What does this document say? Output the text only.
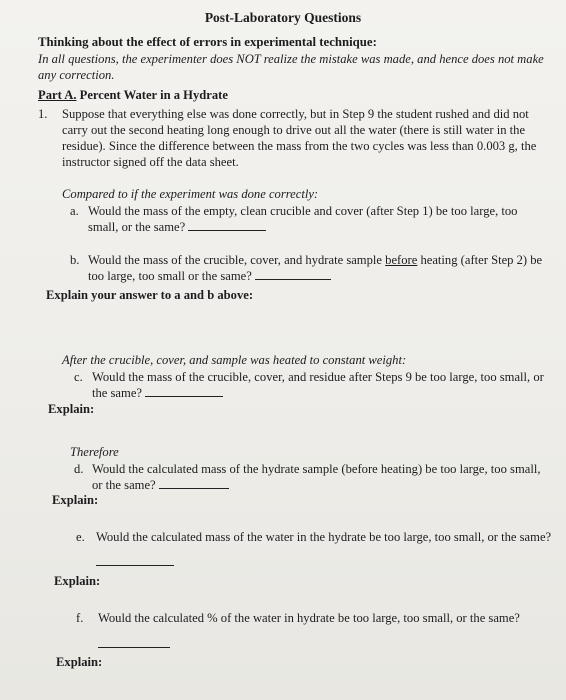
Post-Laboratory Questions
Thinking about the effect of errors in experimental technique:
In all questions, the experimenter does NOT realize the mistake was made, and hence does not make any correction.
Part A. Percent Water in a Hydrate
1.	Suppose that everything else was done correctly, but in Step 9 the student rushed and did not carry out the second heating long enough to drive out all the water (there is still water in the residue). Since the difference between the mass from the two cycles was less than 0.003 g, the instructor signed off the data sheet.
Compared to if the experiment was done correctly:
a. Would the mass of the empty, clean crucible and cover (after Step 1) be too large, too small, or the same?
b. Would the mass of the crucible, cover, and hydrate sample before heating (after Step 2) be too large, too small or the same?
Explain your answer to a and b above:
After the crucible, cover, and sample was heated to constant weight:
c. Would the mass of the crucible, cover, and residue after Steps 9 be too large, too small, or the same?
Explain:
Therefore
d. Would the calculated mass of the hydrate sample (before heating) be too large, too small, or the same?
Explain:
e. Would the calculated mass of the water in the hydrate be too large, too small, or the same?
Explain:
f.	Would the calculated % of the water in hydrate be too large, too small, or the same?
Explain:
